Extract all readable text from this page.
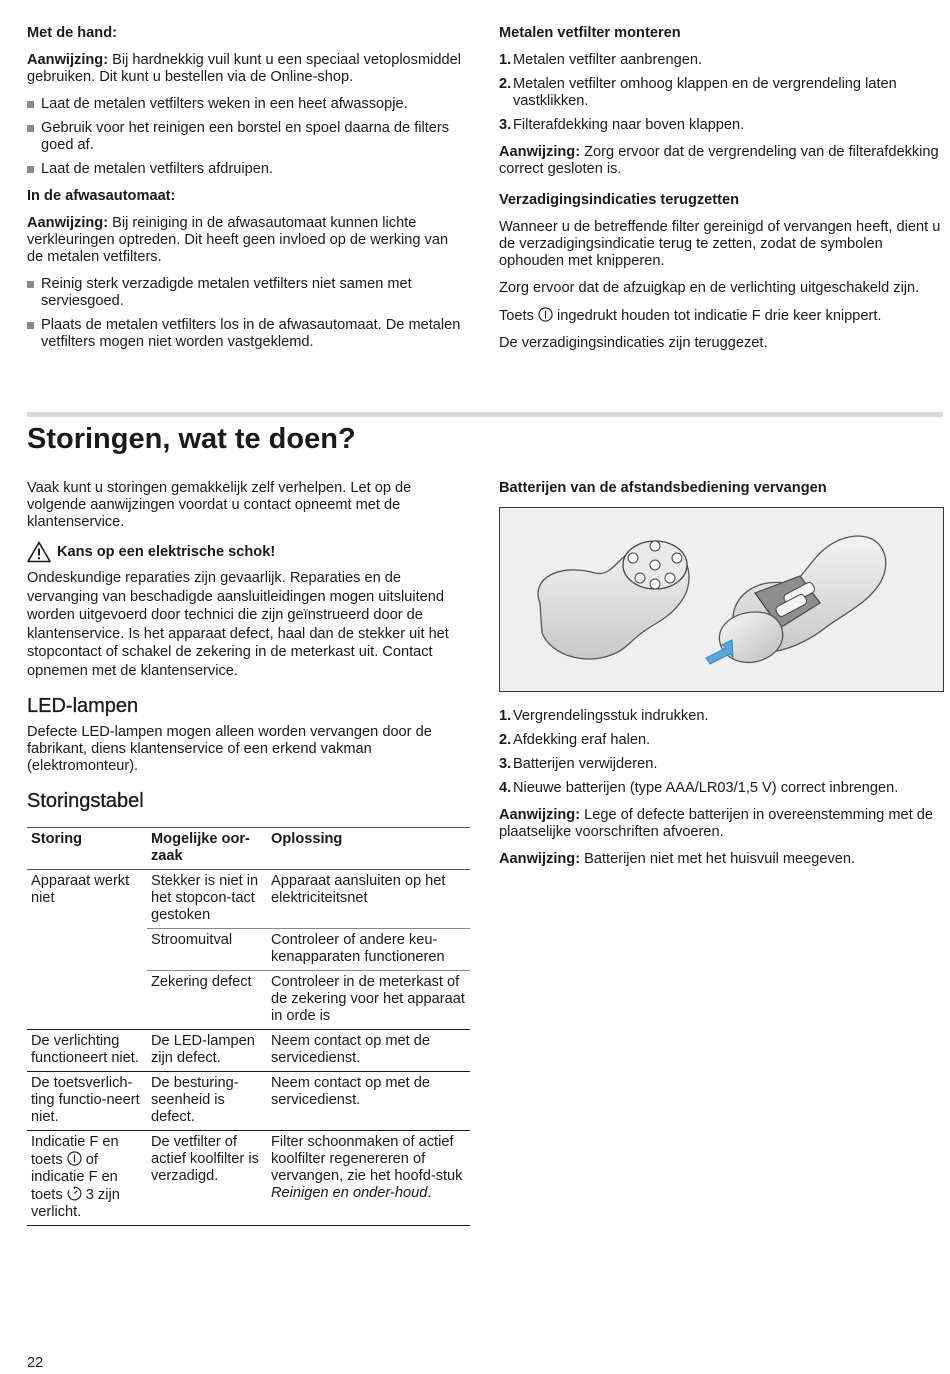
Met de hand:

Aanwijzing: Bij hardnekkig vuil kunt u een speciaal vetoplosmiddel gebruiken. Dit kunt u bestellen via de Online-shop.

Laat de metalen vetfilters weken in een heet afwassopje.
Gebruik voor het reinigen een borstel en spoel daarna de filters goed af.
Laat de metalen vetfilters afdruipen.

In de afwasautomaat:

Aanwijzing: Bij reiniging in de afwasautomaat kunnen lichte verkleuringen optreden. Dit heeft geen invloed op de werking van de metalen vetfilters.

Reinig sterk verzadigde metalen vetfilters niet samen met serviesgoed.
Plaats de metalen vetfilters los in de afwasautomaat. De metalen vetfilters mogen niet worden vastgeklemd.

Metalen vetfilter monteren

1. Metalen vetfilter aanbrengen.
2. Metalen vetfilter omhoog klappen en de vergrendeling laten vastklikken.
3. Filterafdekking naar boven klappen.

Aanwijzing: Zorg ervoor dat de vergrendeling van de filterafdekking correct gesloten is.

Verzadigingsindicaties terugzetten

Wanneer u de betreffende filter gereinigd of vervangen heeft, dient u de verzadigingsindicatie terug te zetten, zodat de symbolen ophouden met knipperen.

Zorg ervoor dat de afzuigkap en de verlichting uitgeschakeld zijn.

Toets  ingedrukt houden tot indicatie F drie keer knippert.

De verzadigingsindicaties zijn teruggezet.

Storingen, wat te doen?

Vaak kunt u storingen gemakkelijk zelf verhelpen. Let op de volgende aanwijzingen voordat u contact opneemt met de klantenservice.

Kans op een elektrische schok!

Ondeskundige reparaties zijn gevaarlijk. Reparaties en de vervanging van beschadigde aansluitleidingen mogen uitsluitend worden uitgevoerd door technici die zijn geïnstrueerd door de klantenservice. Is het apparaat defect, haal dan de stekker uit het stopcontact of schakel de zekering in de meterkast uit. Contact opnemen met de klantenservice.

LED-lampen

Defecte LED-lampen mogen alleen worden vervangen door de fabrikant, diens klantenservice of een erkend vakman (elektromonteur).

Storingstabel
Storing	Mogelijke oor-zaak	Oplossing
Apparaat werkt niet	Stekker is niet in het stopcon-tact gestoken	Apparaat aansluiten op het elektriciteitsnet
	Stroomuitval	Controleer of andere keu-kenapparaten functioneren
	Zekering defect	Controleer in de meterkast of de zekering voor het apparaat in orde is
De verlichting functioneert niet.	De LED-lampen zijn defect.	Neem contact op met de servicedienst.
De toetsverlich-ting functio-neert niet.	De besturing-seenheid is defect.	Neem contact op met de servicedienst.
Indicatie F en toets  of indicatie F en toets  3 zijn verlicht.	De vetfilter of actief koolfilter is verzadigd.	Filter schoonmaken of actief koolfilter regenereren of vervangen, zie het hoofd-stuk Reinigen en onder-houd.

Batterijen van de afstandsbediening vervangen

1. Vergrendelingsstuk indrukken.
2. Afdekking eraf halen.
3. Batterijen verwijderen.
4. Nieuwe batterijen (type AAA/LR03/1,5 V) correct inbrengen.

Aanwijzing: Lege of defecte batterijen in overeenstemming met de plaatselijke voorschriften afvoeren.

Aanwijzing: Batterijen niet met het huisvuil meegeven.

22
